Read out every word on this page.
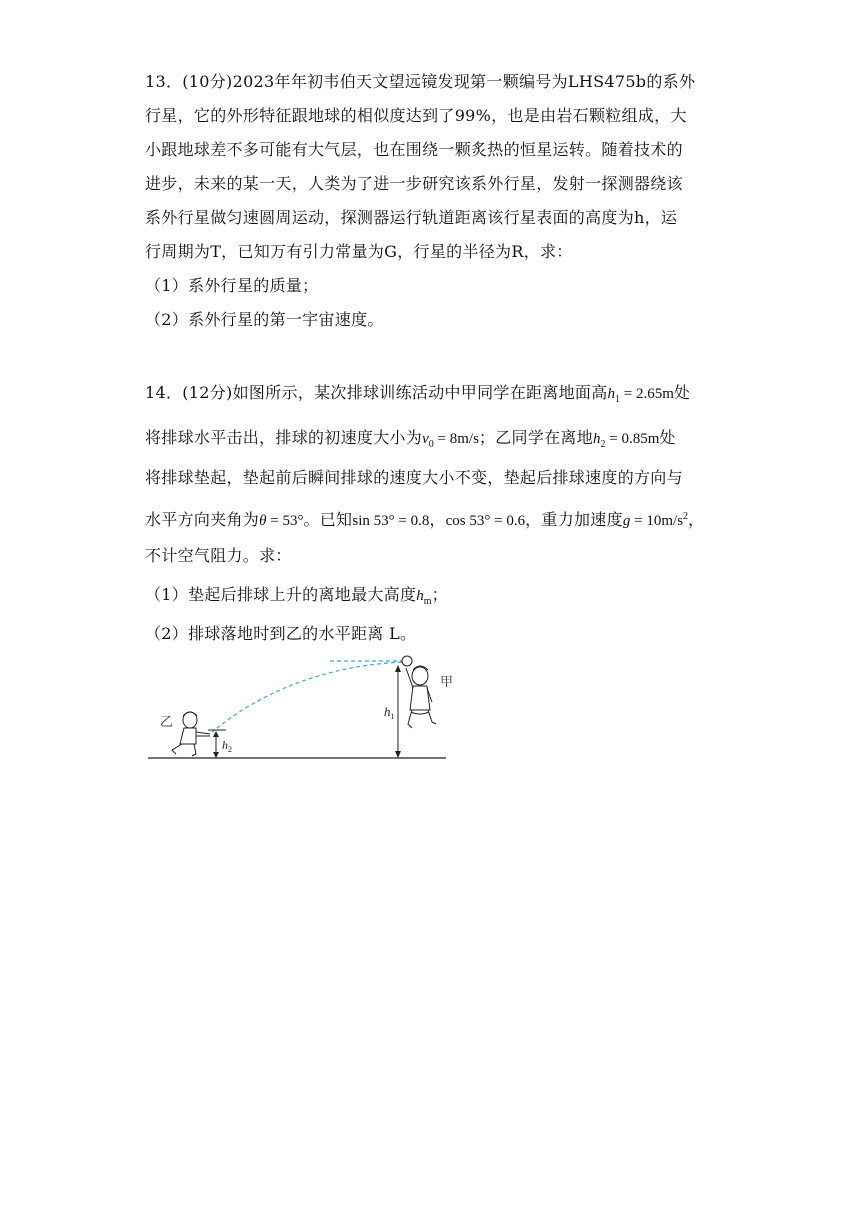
13．(10分)2023年年初韦伯天文望远镜发现第一颗编号为LHS475b的系外
行星，它的外形特征跟地球的相似度达到了99%，也是由岩石颗粒组成，大
小跟地球差不多可能有大气层，也在围绕一颗炙热的恒星运转。随着技术的
进步，未来的某一天，人类为了进一步研究该系外行星，发射一探测器绕该
系外行星做匀速圆周运动，探测器运行轨道距离该行星表面的高度为h，运
行周期为T，已知万有引力常量为G，行星的半径为R，求：
（1）系外行星的质量；
（2）系外行星的第一宇宙速度。
14．(12分)如图所示，某次排球训练活动中甲同学在距离地面高$h_1 = 2.65m$处
将排球水平击出，排球的初速度大小为$v_0 = 8m/s$；乙同学在离地$h_2 = 0.85m$处
将排球垫起，垫起前后瞬间排球的速度大小不变，垫起后排球速度的方向与
水平方向夹角为θ = 53°。已知sin 53° = 0.8，cos 53° = 0.6，重力加速度$g = 10m/s^2$，
不计空气阻力。求：
（1）垫起后排球上升的离地最大高度$h_m$；
（2）排球落地时到乙的水平距离 L。
$h_1$
甲
乙
$h_2$
